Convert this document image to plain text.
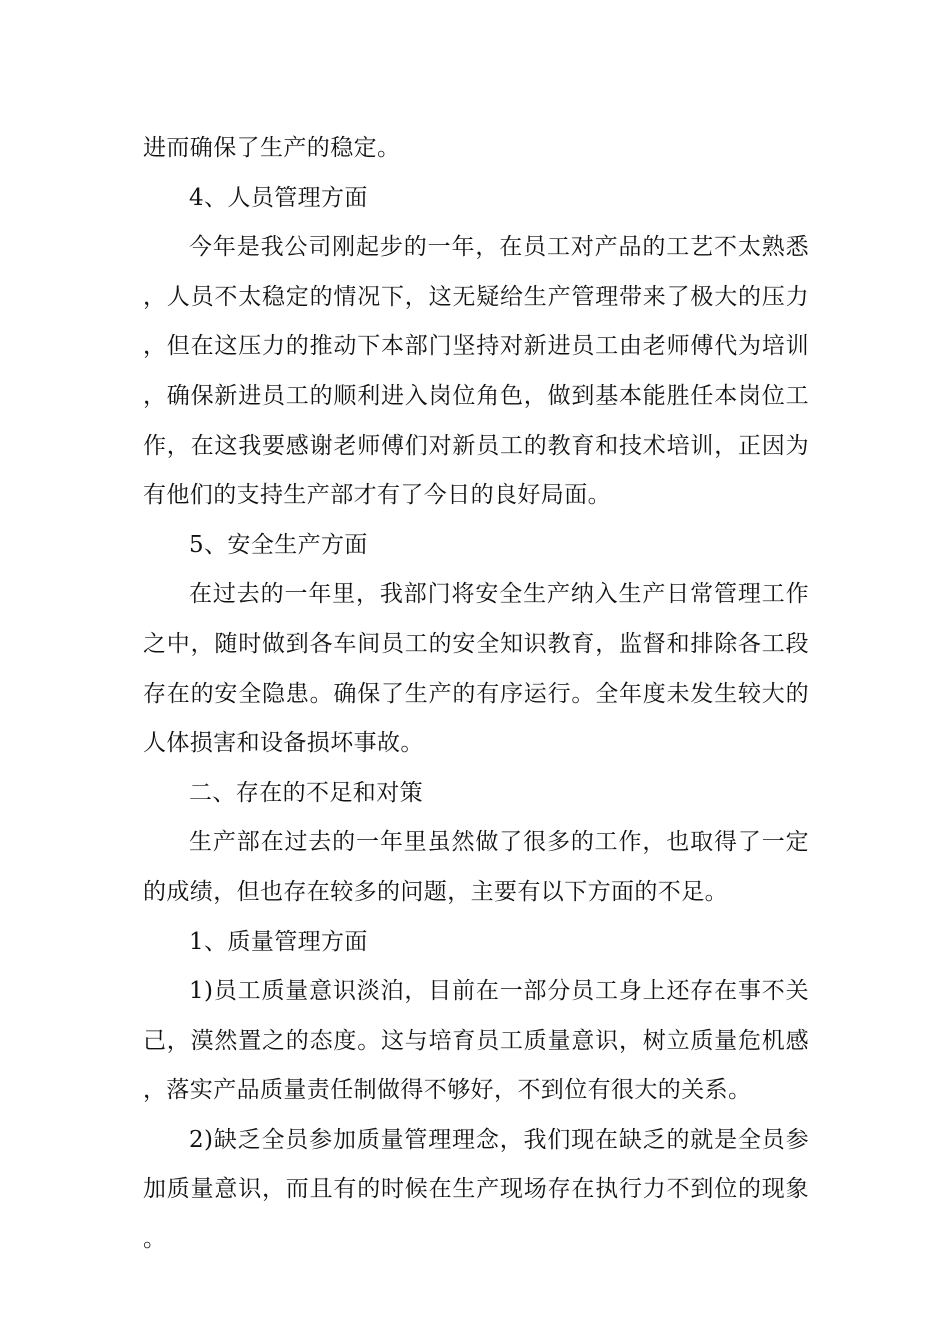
进而确保了生产的稳定。

4、人员管理方面

今年是我公司刚起步的一年，在员工对产品的工艺不太熟悉，人员不太稳定的情况下，这无疑给生产管理带来了极大的压力，但在这压力的推动下本部门坚持对新进员工由老师傅代为培训，确保新进员工的顺利进入岗位角色，做到基本能胜任本岗位工作，在这我要感谢老师傅们对新员工的教育和技术培训，正因为有他们的支持生产部才有了今日的良好局面。

5、安全生产方面

在过去的一年里，我部门将安全生产纳入生产日常管理工作之中，随时做到各车间员工的安全知识教育，监督和排除各工段存在的安全隐患。确保了生产的有序运行。全年度未发生较大的人体损害和设备损坏事故。

二、存在的不足和对策

生产部在过去的一年里虽然做了很多的工作，也取得了一定的成绩，但也存在较多的问题，主要有以下方面的不足。

1、质量管理方面

1)员工质量意识淡泊，目前在一部分员工身上还存在事不关己，漠然置之的态度。这与培育员工质量意识，树立质量危机感，落实产品质量责任制做得不够好，不到位有很大的关系。

2)缺乏全员参加质量管理理念，我们现在缺乏的就是全员参加质量意识，而且有的时候在生产现场存在执行力不到位的现象。
